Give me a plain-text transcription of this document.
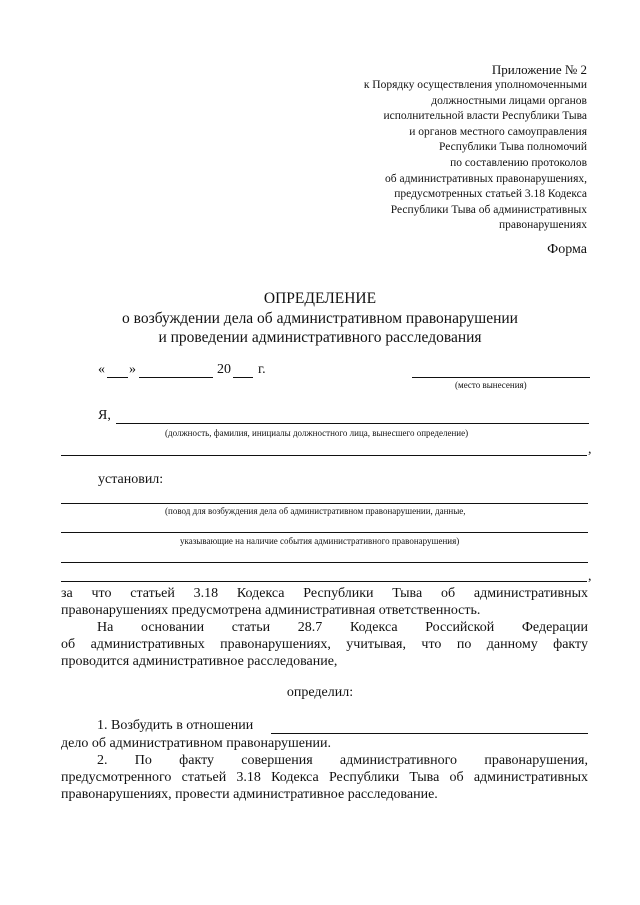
Приложение № 2
к Порядку осуществления уполномоченными
должностными лицами органов
исполнительной власти Республики Тыва
и органов местного самоуправления
Республики Тыва полномочий
по составлению протоколов
об административных правонарушениях,
предусмотренных статьей 3.18 Кодекса
Республики Тыва об административных
правонарушениях
Форма
ОПРЕДЕЛЕНИЕ
о возбуждении дела об административном правонарушении
и проведении административного расследования
« »	20 г.
(место вынесения)
Я,
(должность, фамилия, инициалы должностного лица, вынесшего определение)
,
установил:
(повод для возбуждения дела об административном правонарушении, данные,
указывающие на наличие события административного правонарушения)
,
за что статьей 3.18 Кодекса Республики Тыва об административных
правонарушениях предусмотрена административная ответственность.
На основании статьи 28.7 Кодекса Российской Федерации
об административных правонарушениях, учитывая, что по данному факту
проводится административное расследование,
определил:
1. Возбудить в отношении
дело об административном правонарушении.
2. По факту совершения административного правонарушения,
предусмотренного статьей 3.18 Кодекса Республики Тыва об административных
правонарушениях, провести административное расследование.
